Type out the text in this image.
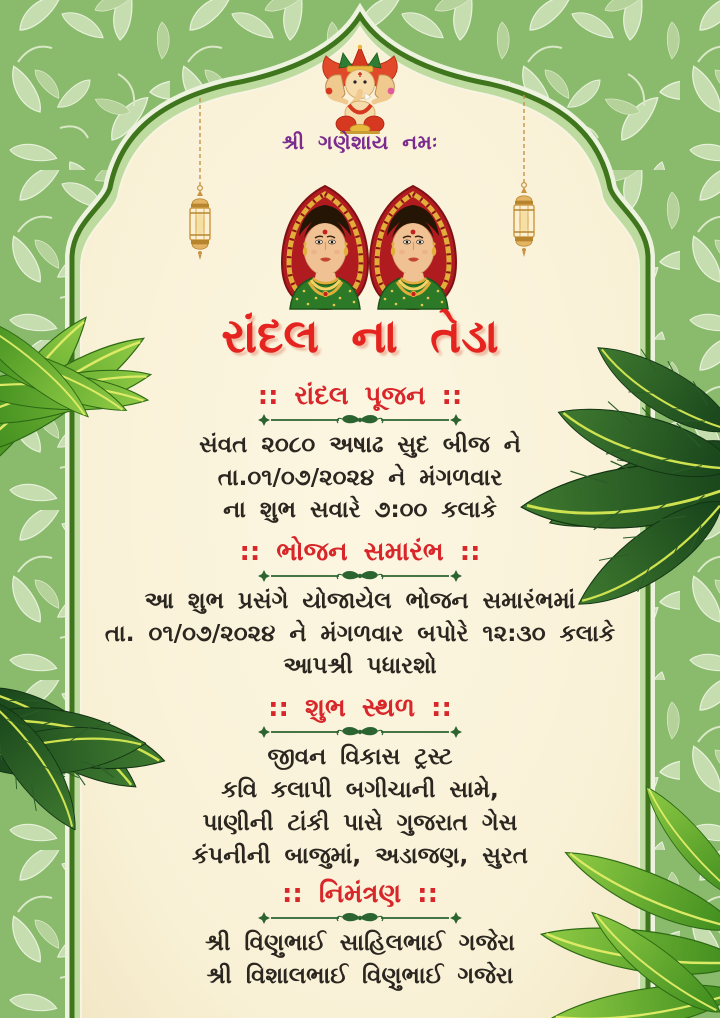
શ્રી ગણેશાય નમઃ

રાંદલ ના તેડા

:: રાંદલ પૂજન ::

સંવત ૨૦૮૦ અષાઢ સુદ બીજ ને

તા.૦૧/૦૭/૨૦૨૪ ને મંગળવાર

ના શુભ સવારે ૭:૦૦ કલાકે

:: ભોજન સમારંભ ::

આ શુભ પ્રસંગે યોજાયેલ ભોજન સમારંભમાં

તા. ૦૧/૦૭/૨૦૨૪ ને મંગળવાર બપોરે ૧૨:૩૦ કલાકે

આપશ્રી પધારશો

:: શુભ સ્થળ ::

જીવન વિકાસ ટ્રસ્ટ

કવિ કલાપી બગીચાની સામે,

પાણીની ટાંકી પાસે ગુજરાત ગેસ

કંપનીની બાજુમાં, અડાજણ, સુરત

:: નિમંત્રણ ::

શ્રી વિણુભાઈ સાહિલભાઈ ગજેરા

શ્રી વિશાલભાઈ વિણુભાઈ ગજેરા
